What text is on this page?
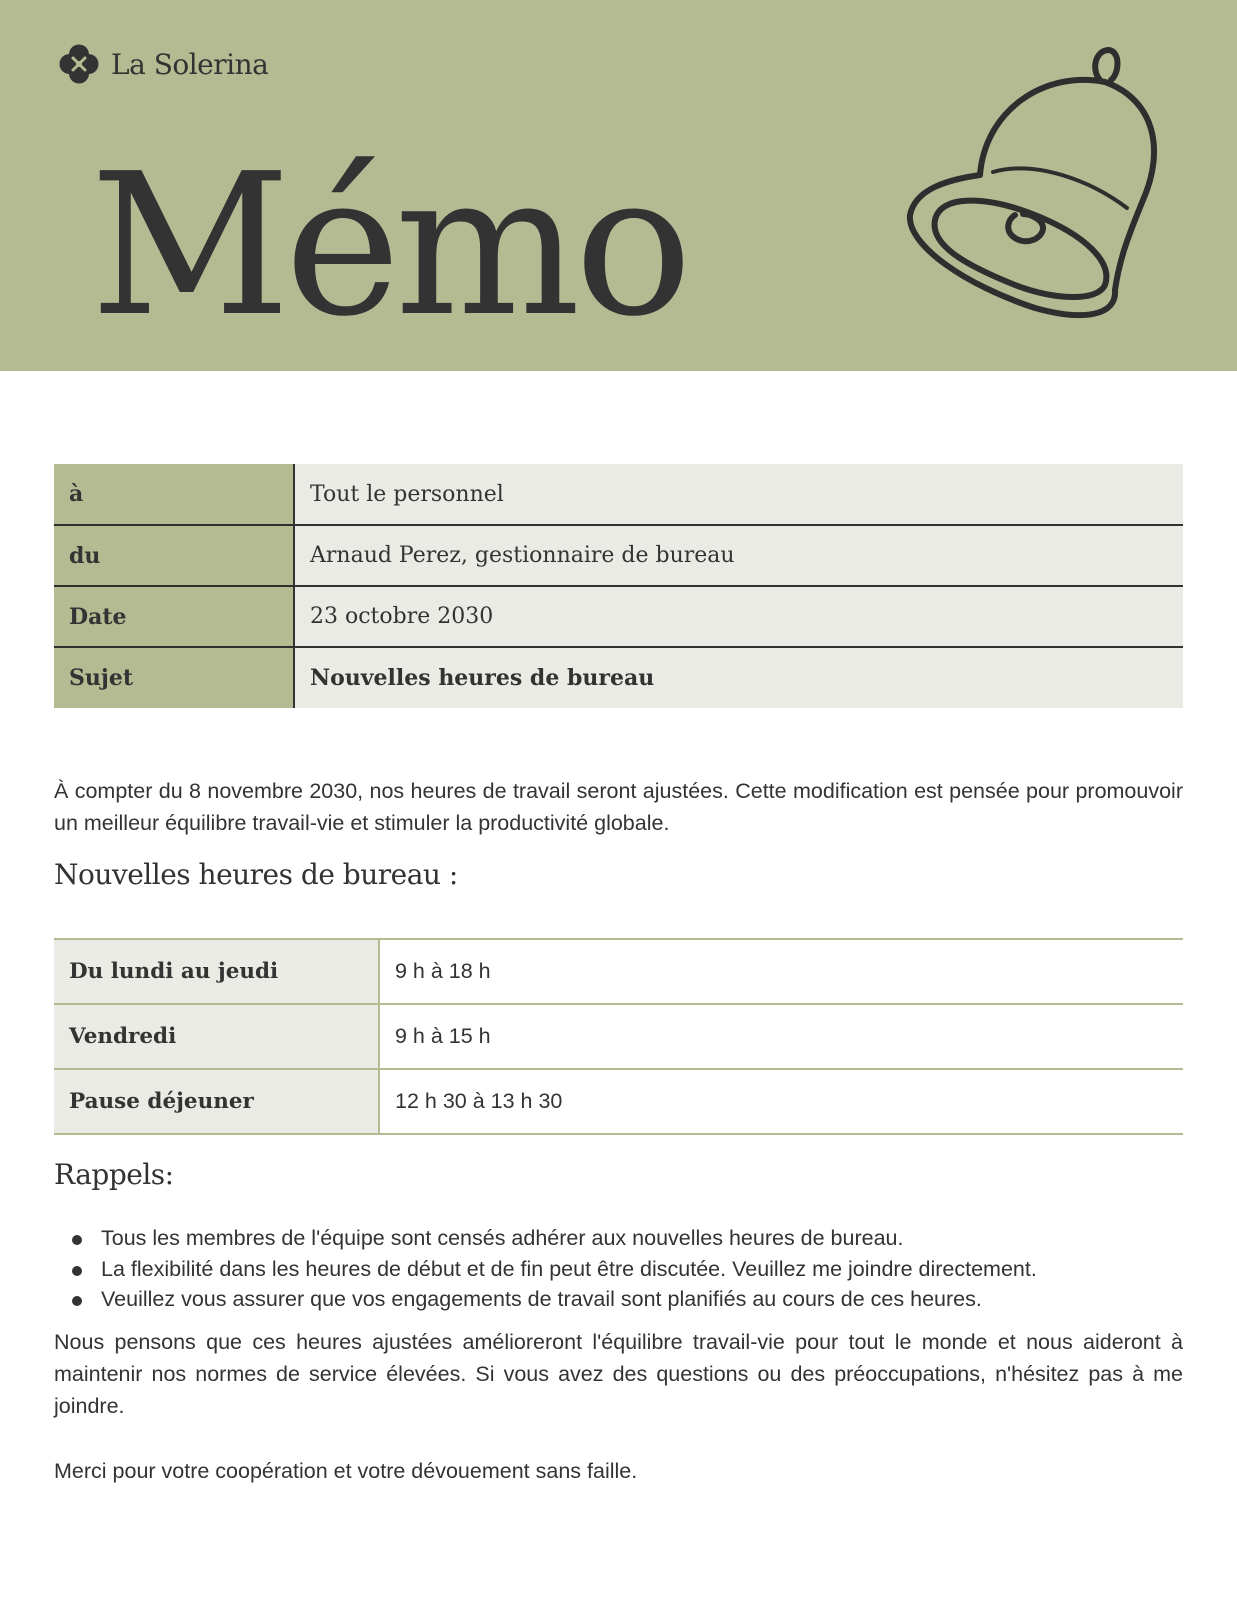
La Solerina
Mémo
à	Tout le personnel
du	Arnaud Perez, gestionnaire de bureau
Date	23 octobre 2030
Sujet	Nouvelles heures de bureau

À compter du 8 novembre 2030, nos heures de travail seront ajustées. Cette modification est pensée pour promouvoir un meilleur équilibre travail-vie et stimuler la productivité globale.

Nouvelles heures de bureau :
Du lundi au jeudi	9 h à 18 h
Vendredi	9 h à 15 h
Pause déjeuner	12 h 30 à 13 h 30
Rappels:
Tous les membres de l'équipe sont censés adhérer aux nouvelles heures de bureau.
La flexibilité dans les heures de début et de fin peut être discutée. Veuillez me joindre directement.
Veuillez vous assurer que vos engagements de travail sont planifiés au cours de ces heures.

Nous pensons que ces heures ajustées amélioreront l'équilibre travail-vie pour tout le monde et nous aideront à maintenir nos normes de service élevées. Si vous avez des questions ou des préoccupations, n'hésitez pas à me joindre.

Merci pour votre coopération et votre dévouement sans faille.
